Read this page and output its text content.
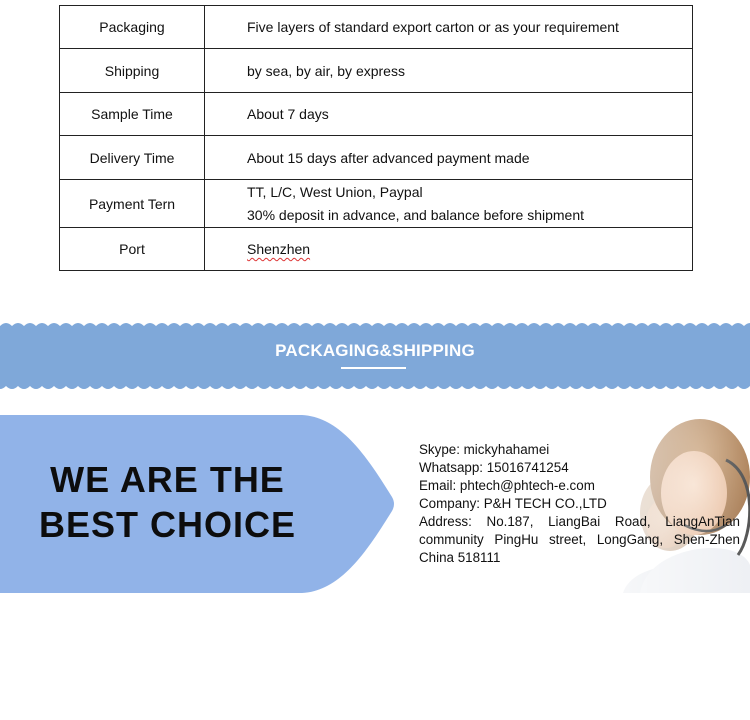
Packaging	Five layers of standard export carton or as your requirement
Shipping	by sea, by air, by express
Sample Time	About 7 days
Delivery Time	About 15 days after advanced payment made
Payment Tern	TT, L/C, West Union, Paypal
30% deposit in advance, and balance before shipment

Port	Shenzhen
PACKAGING&SHIPPING
WE ARE THE
BEST CHOICE
Skype: mickyhahamei
Whatsapp: 15016741254
Email: phtech@phtech-e.com
Company: P&H TECH CO.,LTD
Address: No.187, LiangBai Road, LiangAnTian community PingHu street, LongGang, Shen-Zhen China 518111
